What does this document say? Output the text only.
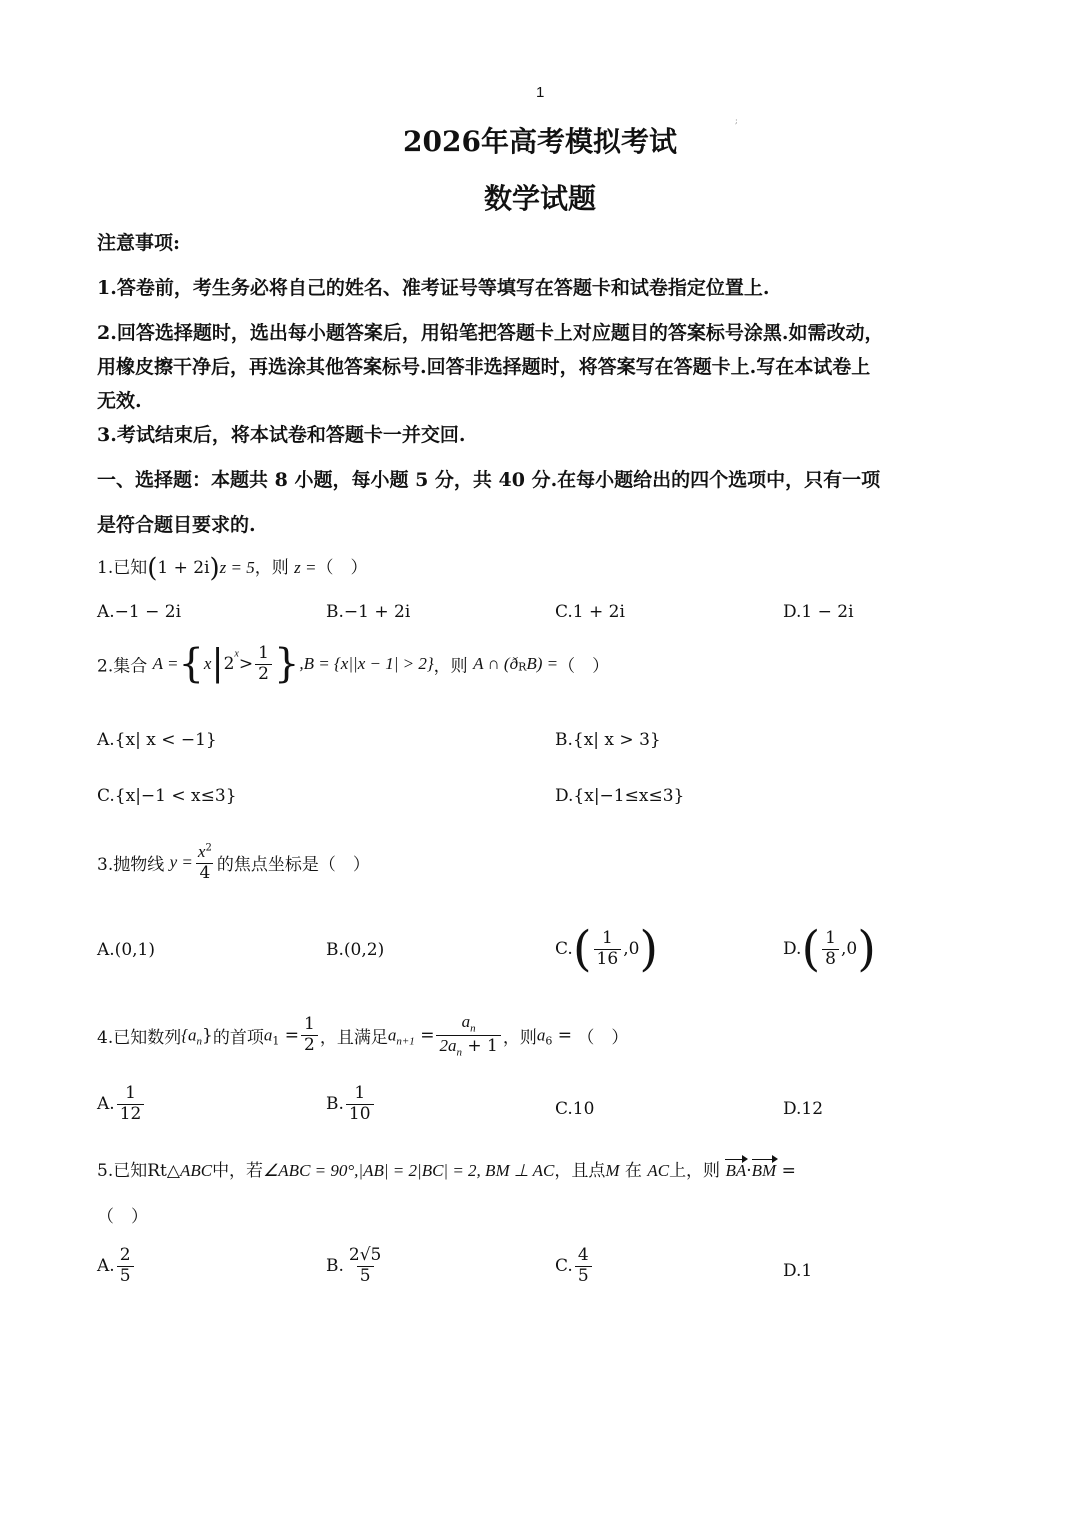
1
;
2026年高考模拟考试
数学试题
注意事项:
1.答卷前，考生务必将自己的姓名、准考证号等填写在答题卡和试卷指定位置上.
2.回答选择题时，选出每小题答案后，用铅笔把答题卡上对应题目的答案标号涂黑.如需改动，
用橡皮擦干净后，再选涂其他答案标号.回答非选择题时，将答案写在答题卡上.写在本试卷上
无效.
3.考试结束后，将本试卷和答题卡一并交回.
一、选择题：本题共 8 小题，每小题 5 分，共 40 分.在每小题给出的四个选项中，只有一项
是符合题目要求的.
1.已知(1 + 2i)z = 5，则 z =（　）
A.−1 − 2i	B.−1 + 2i	C.1 + 2i	D.1 − 2i
2.集合 $A =\{x|2^x> \frac{1}{2} \},B = \{x||x - 1| > 2\}$，则 A ∩ $(ð_RB)$ =（　）
A.{x| x < −1}	B.{x| x > 3}
C.{x|−1 < x≤3}	D.{x|−1≤x≤3}
3.抛物线 $y = \frac{x^2}{4}$ 的焦点坐标是（　）
A.(0,1)	B.(0,2)	$C.( \frac{1}{16} ,0)$	$D.( \frac{1}{8} ,0)$
4.已知数列$\{a_n\}$的首项$a_1 = \frac{1}{2}$ ，且满足$a_{n+1} = \frac{a_n}{2a_n + 1}$ ，则$a_6$ = （　）
A. $\frac{1}{12}$	B. $\frac{1}{10}$	C.10	D.12
5.已知Rt△ABC中，若∠ABC = 90°,|AB| = 2|BC| = 2, BM ⊥ AC，且点M 在 AC上，则 BA·BM =
（　）
A. $\frac{2}{5}$	B. $\frac{2√5}{5}$	C. $\frac{4}{5}$	D.1
